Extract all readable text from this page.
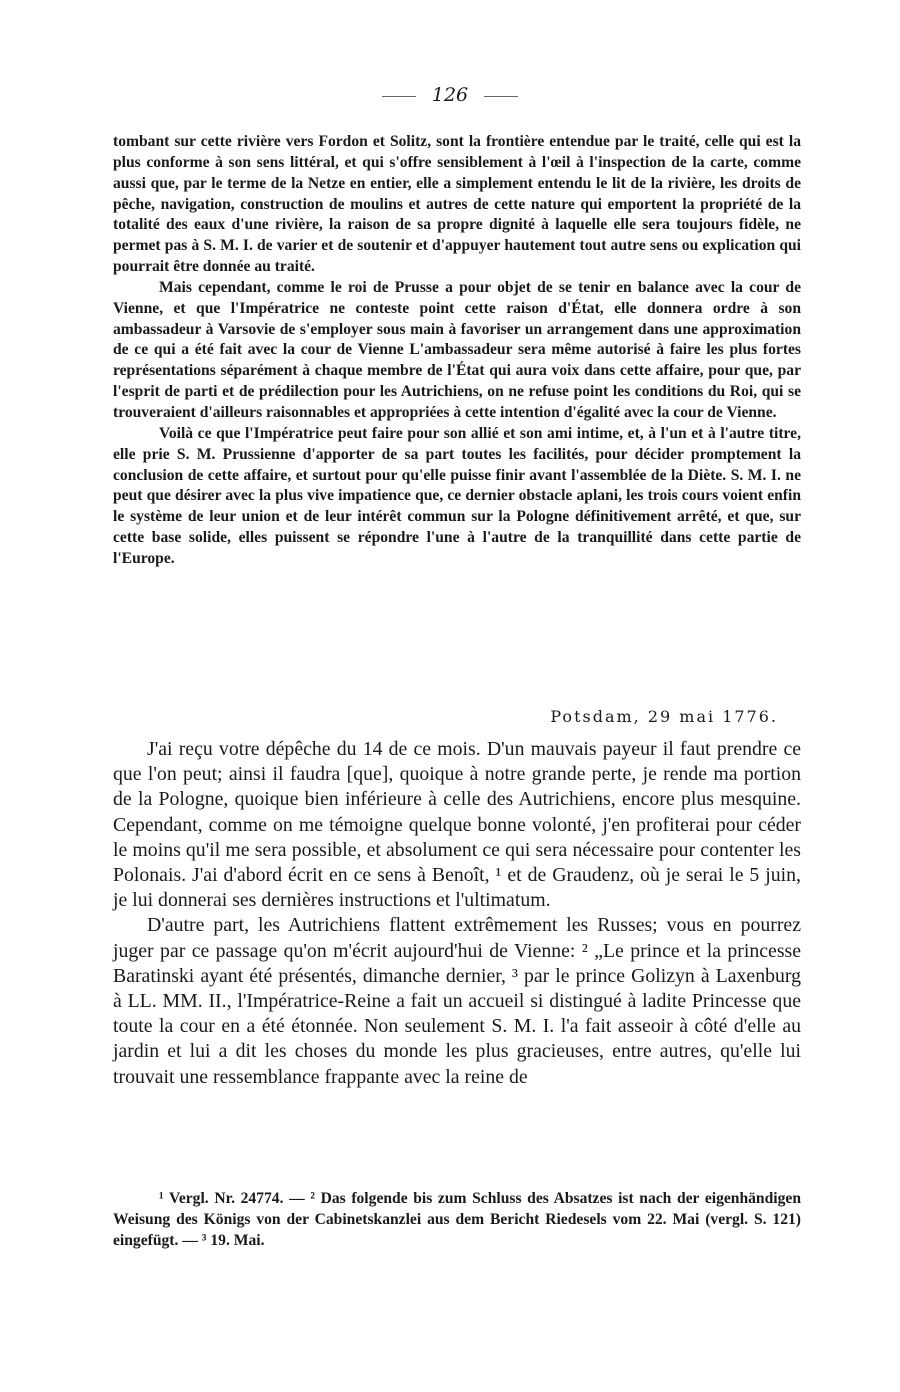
126

tombant sur cette rivière vers Fordon et Solitz, sont la frontière entendue par le traité, celle qui est la plus conforme à son sens littéral, et qui s'offre sensiblement à l'œil à l'inspection de la carte, comme aussi que, par le terme de la Netze en entier, elle a simplement entendu le lit de la rivière, les droits de pêche, navigation, construction de moulins et autres de cette nature qui emportent la propriété de la totalité des eaux d'une rivière, la raison de sa propre dignité à laquelle elle sera toujours fidèle, ne permet pas à S. M. I. de varier et de soutenir et d'appuyer hautement tout autre sens ou explication qui pourrait être donnée au traité.

Mais cependant, comme le roi de Prusse a pour objet de se tenir en balance avec la cour de Vienne, et que l'Impératrice ne conteste point cette raison d'État, elle donnera ordre à son ambassadeur à Varsovie de s'employer sous main à favoriser un arrangement dans une approximation de ce qui a été fait avec la cour de Vienne L'ambassadeur sera même autorisé à faire les plus fortes représentations séparément à chaque membre de l'État qui aura voix dans cette affaire, pour que, par l'esprit de parti et de prédilection pour les Autrichiens, on ne refuse point les conditions du Roi, qui se trouveraient d'ailleurs raisonnables et appropriées à cette intention d'égalité avec la cour de Vienne.

Voilà ce que l'Impératrice peut faire pour son allié et son ami intime, et, à l'un et à l'autre titre, elle prie S. M. Prussienne d'apporter de sa part toutes les facilités, pour décider promptement la conclusion de cette affaire, et surtout pour qu'elle puisse finir avant l'assemblée de la Diète. S. M. I. ne peut que désirer avec la plus vive impatience que, ce dernier obstacle aplani, les trois cours voient enfin le système de leur union et de leur intérêt commun sur la Pologne définitivement arrêté, et que, sur cette base solide, elles puissent se répondre l'une à l'autre de la tranquillité dans cette partie de l'Europe.

Potsdam, 29 mai 1776.

J'ai reçu votre dépêche du 14 de ce mois. D'un mauvais payeur il faut prendre ce que l'on peut; ainsi il faudra [que], quoique à notre grande perte, je rende ma portion de la Pologne, quoique bien inférieure à celle des Autrichiens, encore plus mesquine. Cependant, comme on me témoigne quelque bonne volonté, j'en profiterai pour céder le moins qu'il me sera possible, et absolument ce qui sera nécessaire pour contenter les Polonais. J'ai d'abord écrit en ce sens à Benoît, ¹ et de Graudenz, où je serai le 5 juin, je lui donnerai ses dernières instructions et l'ultimatum.

D'autre part, les Autrichiens flattent extrêmement les Russes; vous en pourrez juger par ce passage qu'on m'écrit aujourd'hui de Vienne: ² „Le prince et la princesse Baratinski ayant été présentés, dimanche dernier, ³ par le prince Golizyn à Laxenburg à LL. MM. II., l'Impératrice-Reine a fait un accueil si distingué à ladite Princesse que toute la cour en a été étonnée. Non seulement S. M. I. l'a fait asseoir à côté d'elle au jardin et lui a dit les choses du monde les plus gracieuses, entre autres, qu'elle lui trouvait une ressemblance frappante avec la reine de

¹ Vergl. Nr. 24774. — ² Das folgende bis zum Schluss des Absatzes ist nach der eigenhändigen Weisung des Königs von der Cabinetskanzlei aus dem Bericht Riedesels vom 22. Mai (vergl. S. 121) eingefügt. — ³ 19. Mai.
